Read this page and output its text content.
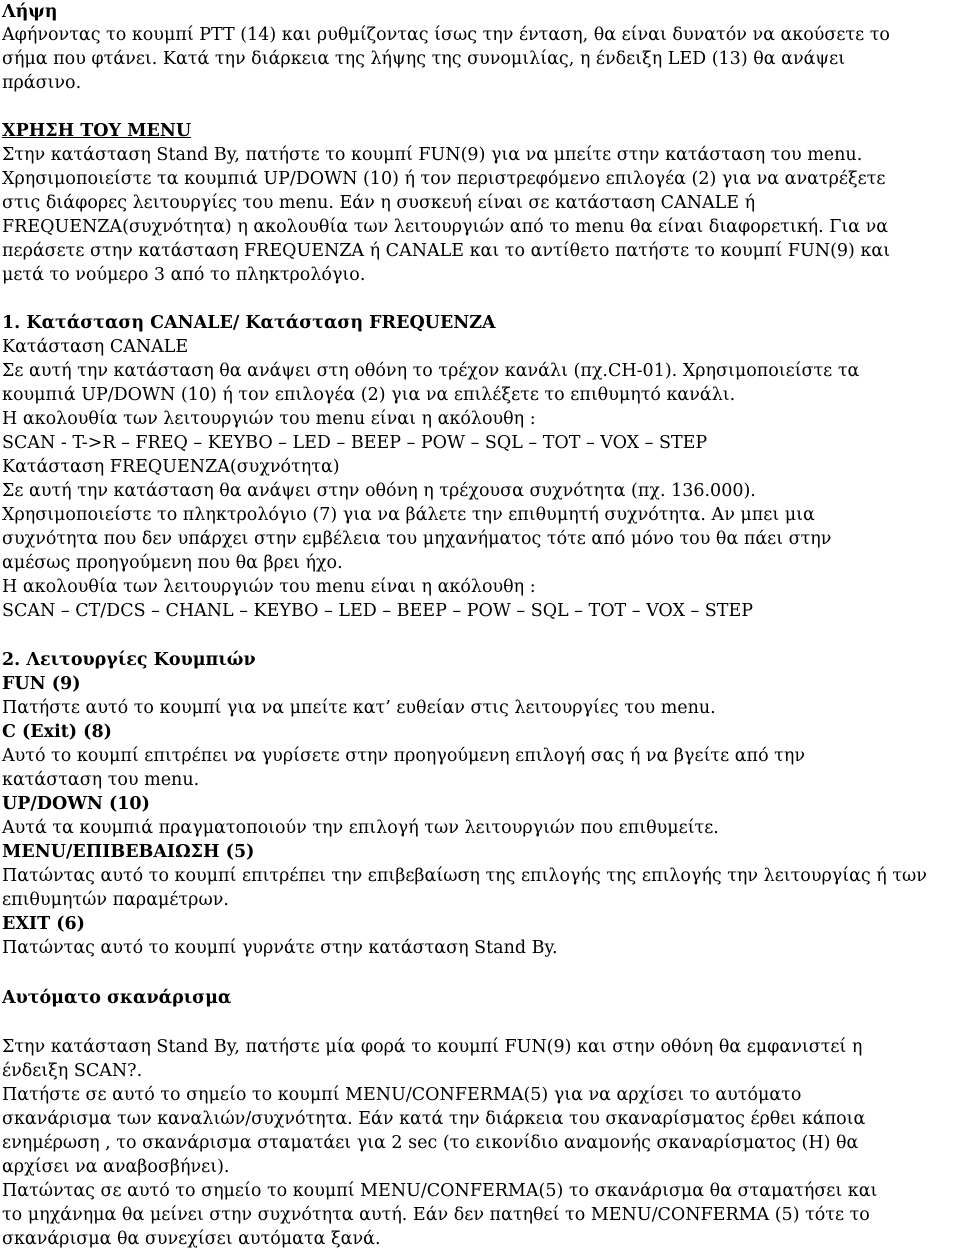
Λήψη
Αφήνοντας το κουμπί PTT (14) και ρυθμίζοντας ίσως την ένταση, θα είναι δυνατόν να ακούσετε το
σήμα που φτάνει. Κατά την διάρκεια της λήψης της συνομιλίας, η ένδειξη LED (13) θα ανάψει
πράσινο.
ΧΡΗΣΗ ΤΟΥ MENU
Στην κατάσταση Stand By, πατήστε το κουμπί FUN(9) για να μπείτε στην κατάσταση του menu.
Χρησιμοποιείστε τα κουμπιά UP/DOWN (10) ή τον περιστρεφόμενο επιλογέα (2) για να ανατρέξετε
στις διάφορες λειτουργίες του menu. Εάν η συσκευή είναι σε κατάσταση CANALE ή
FREQUENZA(συχνότητα) η ακολουθία των λειτουργιών από το menu θα είναι διαφορετική. Για να
περάσετε στην κατάσταση FREQUENZA ή CANALE και το αντίθετο πατήστε το κουμπί FUN(9) και
μετά το νούμερο 3 από το πληκτρολόγιο.
1. Κατάσταση CANALE/ Κατάσταση FREQUENZA
Κατάσταση CANALE
Σε αυτή την κατάσταση θα ανάψει στη οθόνη το τρέχον κανάλι (πχ.CH-01). Χρησιμοποιείστε τα
κουμπιά UP/DOWN (10) ή τον επιλογέα (2) για να επιλέξετε το επιθυμητό κανάλι.
Η ακολουθία των λειτουργιών του menu είναι η ακόλουθη :
SCAN - T->R – FREQ – KEYBO – LED – BEEP – POW – SQL – TOT – VOX – STEP
Κατάσταση FREQUENZA(συχνότητα)
Σε αυτή την κατάσταση θα ανάψει στην οθόνη η τρέχουσα συχνότητα (πχ. 136.000).
Χρησιμοποιείστε το πληκτρολόγιο (7) για να βάλετε την επιθυμητή συχνότητα. Αν μπει μια
συχνότητα που δεν υπάρχει στην εμβέλεια του μηχανήματος τότε από μόνο του θα πάει στην
αμέσως προηγούμενη που θα βρει ήχο.
Η ακολουθία των λειτουργιών του menu είναι η ακόλουθη :
SCAN – CT/DCS – CHANL – KEYBO – LED – BEEP – POW – SQL – TOT – VOX – STEP
2. Λειτουργίες Κουμπιών
FUN (9)
Πατήστε αυτό το κουμπί για να μπείτε κατ’ ευθείαν στις λειτουργίες του menu.
C (Exit) (8)
Αυτό το κουμπί επιτρέπει να γυρίσετε στην προηγούμενη επιλογή σας ή να βγείτε από την
κατάσταση του menu.
UP/DOWN (10)
Αυτά τα κουμπιά πραγματοποιούν την επιλογή των λειτουργιών που επιθυμείτε.
MENU/ΕΠΙΒΕΒΑΙΩΣΗ (5)
Πατώντας αυτό το κουμπί επιτρέπει την επιβεβαίωση της επιλογής της επιλογής την λειτουργίας ή των
επιθυμητών παραμέτρων.
EXIT (6)
Πατώντας αυτό το κουμπί γυρνάτε στην κατάσταση Stand By.
Αυτόματο σκανάρισμα
Στην κατάσταση Stand By, πατήστε μία φορά το κουμπί FUN(9) και στην οθόνη θα εμφανιστεί η
ένδειξη SCAN?.
Πατήστε σε αυτό το σημείο το κουμπί MENU/CONFERMA(5) για να αρχίσει το αυτόματο
σκανάρισμα των καναλιών/συχνότητα. Εάν κατά την διάρκεια του σκαναρίσματος έρθει κάποια
ενημέρωση , το σκανάρισμα σταματάει για 2 sec (το εικονίδιο αναμονής σκαναρίσματος (H) θα
αρχίσει να αναβοσβήνει).
Πατώντας σε αυτό το σημείο το κουμπί MENU/CONFERMA(5) το σκανάρισμα θα σταματήσει και
το μηχάνημα θα μείνει στην συχνότητα αυτή. Εάν δεν πατηθεί το MENU/CONFERMA (5) τότε το
σκανάρισμα θα συνεχίσει αυτόματα ξανά.
